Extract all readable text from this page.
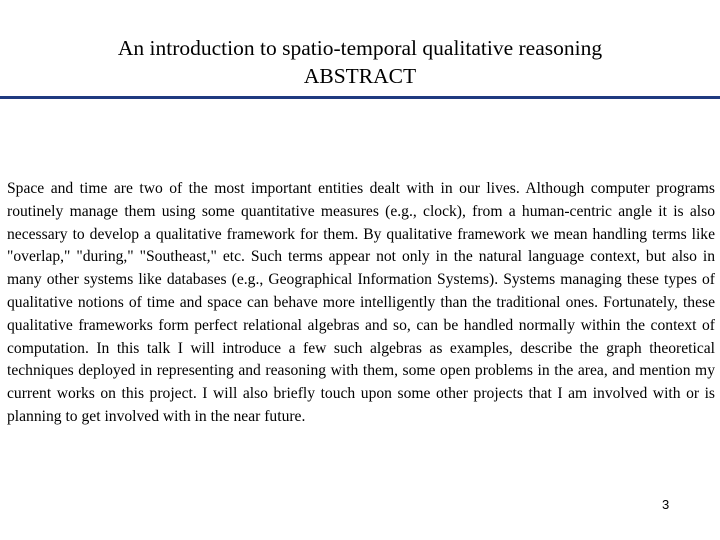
An introduction to spatio-temporal qualitative reasoning
ABSTRACT

Space and time are two of the most important entities dealt with in our lives. Although computer programs routinely manage them using some quantitative measures (e.g., clock), from a human-centric angle it is also necessary to develop a qualitative framework for them. By qualitative framework we mean handling terms like "overlap," "during," "Southeast," etc. Such terms appear not only in the natural language context, but also in many other systems like databases (e.g., Geographical Information Systems). Systems managing these types of qualitative notions of time and space can behave more intelligently than the traditional ones. Fortunately, these qualitative frameworks form perfect relational algebras and so, can be handled normally within the context of computation. In this talk I will introduce a few such algebras as examples, describe the graph theoretical techniques deployed in representing and reasoning with them, some open problems in the area, and mention my current works on this project. I will also briefly touch upon some other projects that I am involved with or is planning to get involved with in the near future.

3
